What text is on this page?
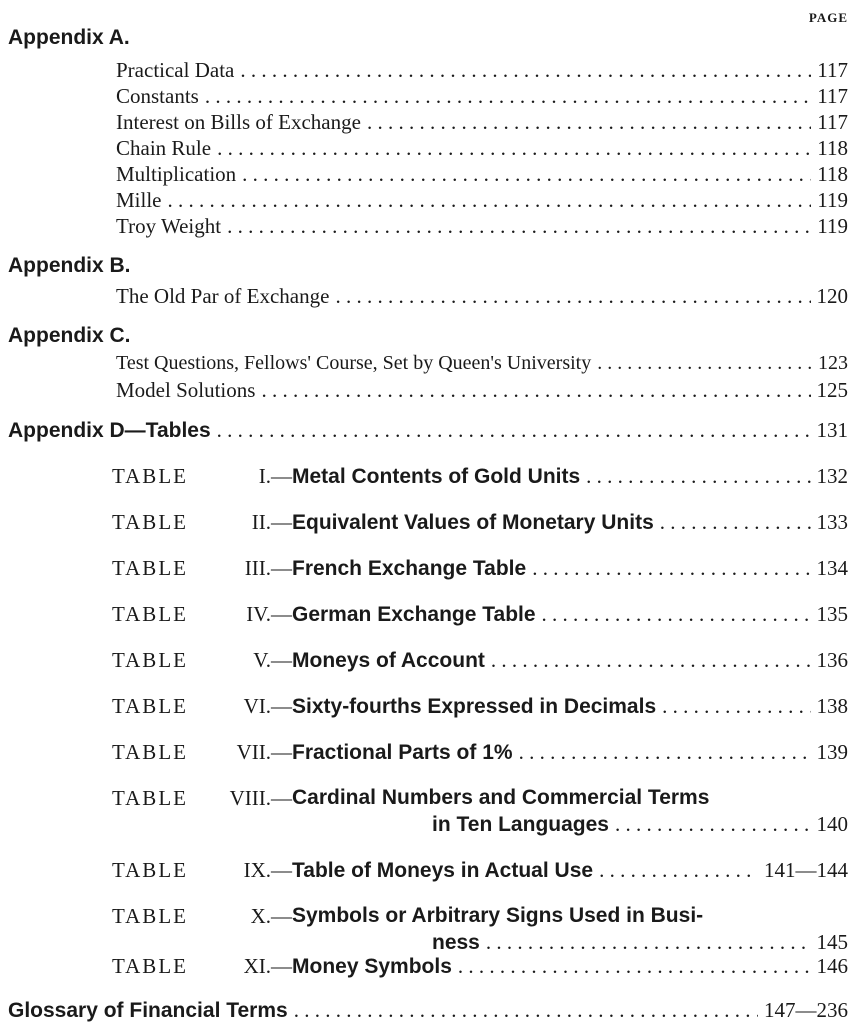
PAGE
Appendix A.
Practical Data . . .	117
Constants . . .	117
Interest on Bills of Exchange . . .	117
Chain Rule . . .	118
Multiplication . . .	118
Mille . . .	119
Troy Weight . . .	119
Appendix B.
The Old Par of Exchange . . .	120
Appendix C.
Test Questions, Fellows' Course, Set by Queen's University . . .	123
Model Solutions . . .	125
Appendix D—Tables . . .	131
TABLE	I.— Metal Contents of Gold Units . . .	132
TABLE	II.— Equivalent Values of Monetary Units . . .	133
TABLE	III.— French Exchange Table . . .	134
TABLE	IV.— German Exchange Table . . .	135
TABLE	V.— Moneys of Account . . .	136
TABLE	VI.— Sixty-fourths Expressed in Decimals . . .	138
TABLE	VII.— Fractional Parts of 1% . . .	139
TABLE	VIII.— Cardinal Numbers and Commercial Terms
in Ten Languages . . .	140
TABLE	IX.— Table of Moneys in Actual Use . . .	141—144
TABLE	X.— Symbols or Arbitrary Signs Used in Busi-
ness . . .	145
TABLE	XI.— Money Symbols . . .	146
Glossary of Financial Terms . . .	147—236
